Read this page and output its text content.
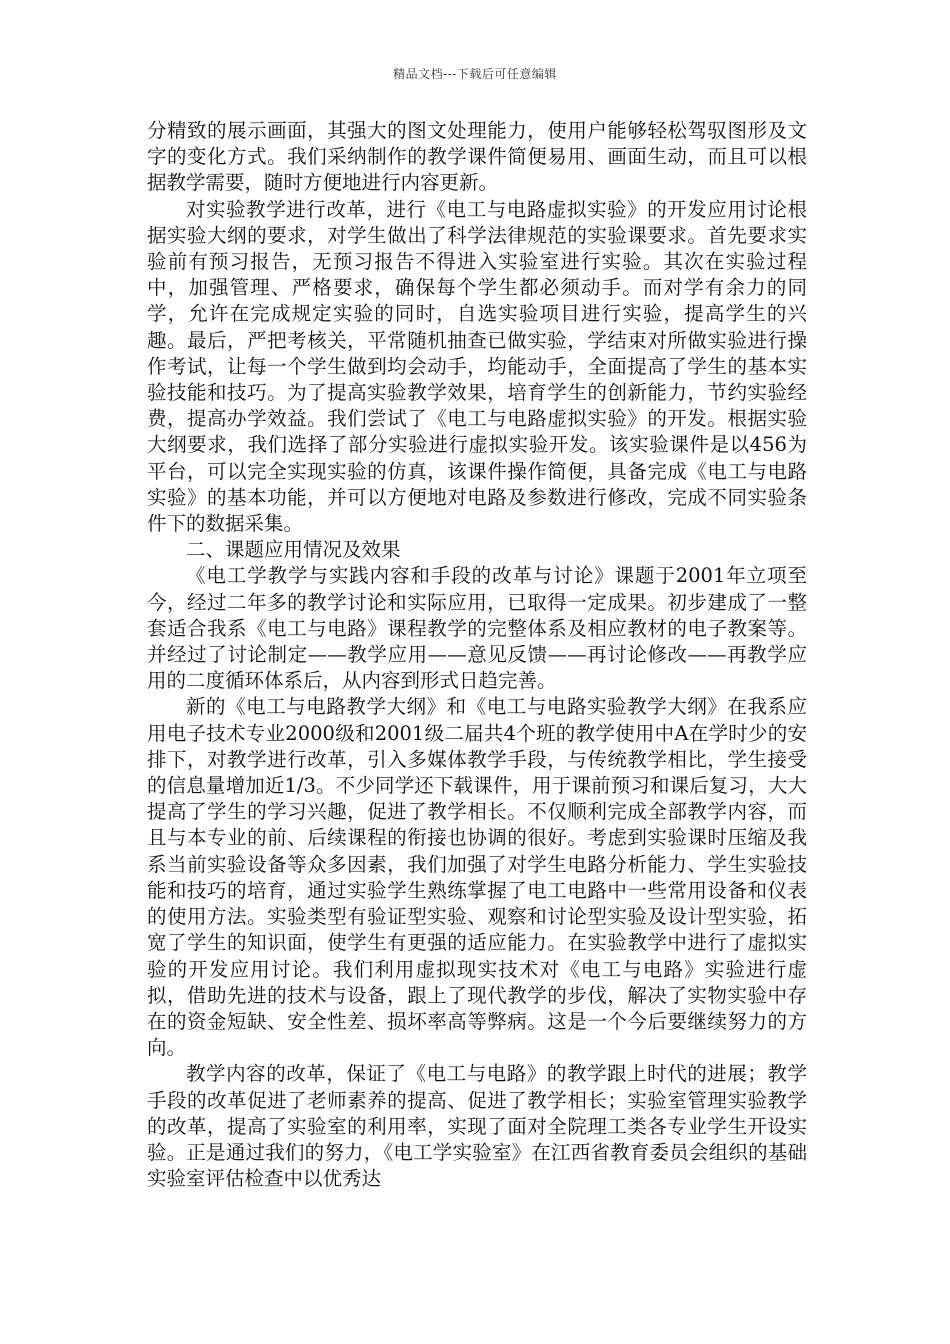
精品文档---下载后可任意编辑

分精致的展示画面，其强大的图文处理能力，使用户能够轻松驾驭图形及文字的变化方式。我们采纳制作的教学课件简便易用、画面生动，而且可以根据教学需要，随时方便地进行内容更新。

对实验教学进行改革，进行《电工与电路虚拟实验》的开发应用讨论根据实验大纲的要求，对学生做出了科学法律规范的实验课要求。首先要求实验前有预习报告，无预习报告不得进入实验室进行实验。其次在实验过程中，加强管理、严格要求，确保每个学生都必须动手。而对学有余力的同学，允许在完成规定实验的同时，自选实验项目进行实验，提高学生的兴趣。最后，严把考核关，平常随机抽查已做实验，学结束对所做实验进行操作考试，让每一个学生做到均会动手，均能动手，全面提高了学生的基本实验技能和技巧。为了提高实验教学效果，培育学生的创新能力，节约实验经费，提高办学效益。我们尝试了《电工与电路虚拟实验》的开发。根据实验大纲要求，我们选择了部分实验进行虚拟实验开发。该实验课件是以456为平台，可以完全实现实验的仿真，该课件操作简便，具备完成《电工与电路实验》的基本功能，并可以方便地对电路及参数进行修改，完成不同实验条件下的数据采集。

二、课题应用情况及效果

《电工学教学与实践内容和手段的改革与讨论》课题于2001年立项至今，经过二年多的教学讨论和实际应用，已取得一定成果。初步建成了一整套适合我系《电工与电路》课程教学的完整体系及相应教材的电子教案等。并经过了讨论制定——教学应用——意见反馈——再讨论修改——再教学应用的二度循环体系后，从内容到形式日趋完善。

新的《电工与电路教学大纲》和《电工与电路实验教学大纲》在我系应用电子技术专业2000级和2001级二届共4个班的教学使用中A在学时少的安排下，对教学进行改革，引入多媒体教学手段，与传统教学相比，学生接受的信息量增加近1/3。不少同学还下载课件，用于课前预习和课后复习，大大提高了学生的学习兴趣，促进了教学相长。不仅顺利完成全部教学内容，而且与本专业的前、后续课程的衔接也协调的很好。考虑到实验课时压缩及我系当前实验设备等众多因素，我们加强了对学生电路分析能力、学生实验技能和技巧的培育，通过实验学生熟练掌握了电工电路中一些常用设备和仪表的使用方法。实验类型有验证型实验、观察和讨论型实验及设计型实验，拓宽了学生的知识面，使学生有更强的适应能力。在实验教学中进行了虚拟实验的开发应用讨论。我们利用虚拟现实技术对《电工与电路》实验进行虚拟，借助先进的技术与设备，跟上了现代教学的步伐，解决了实物实验中存在的资金短缺、安全性差、损坏率高等弊病。这是一个今后要继续努力的方向。

教学内容的改革，保证了《电工与电路》的教学跟上时代的进展；教学手段的改革促进了老师素养的提高、促进了教学相长；实验室管理实验教学的改革，提高了实验室的利用率，实现了面对全院理工类各专业学生开设实验。正是通过我们的努力，《电工学实验室》在江西省教育委员会组织的基础实验室评估检查中以优秀达
